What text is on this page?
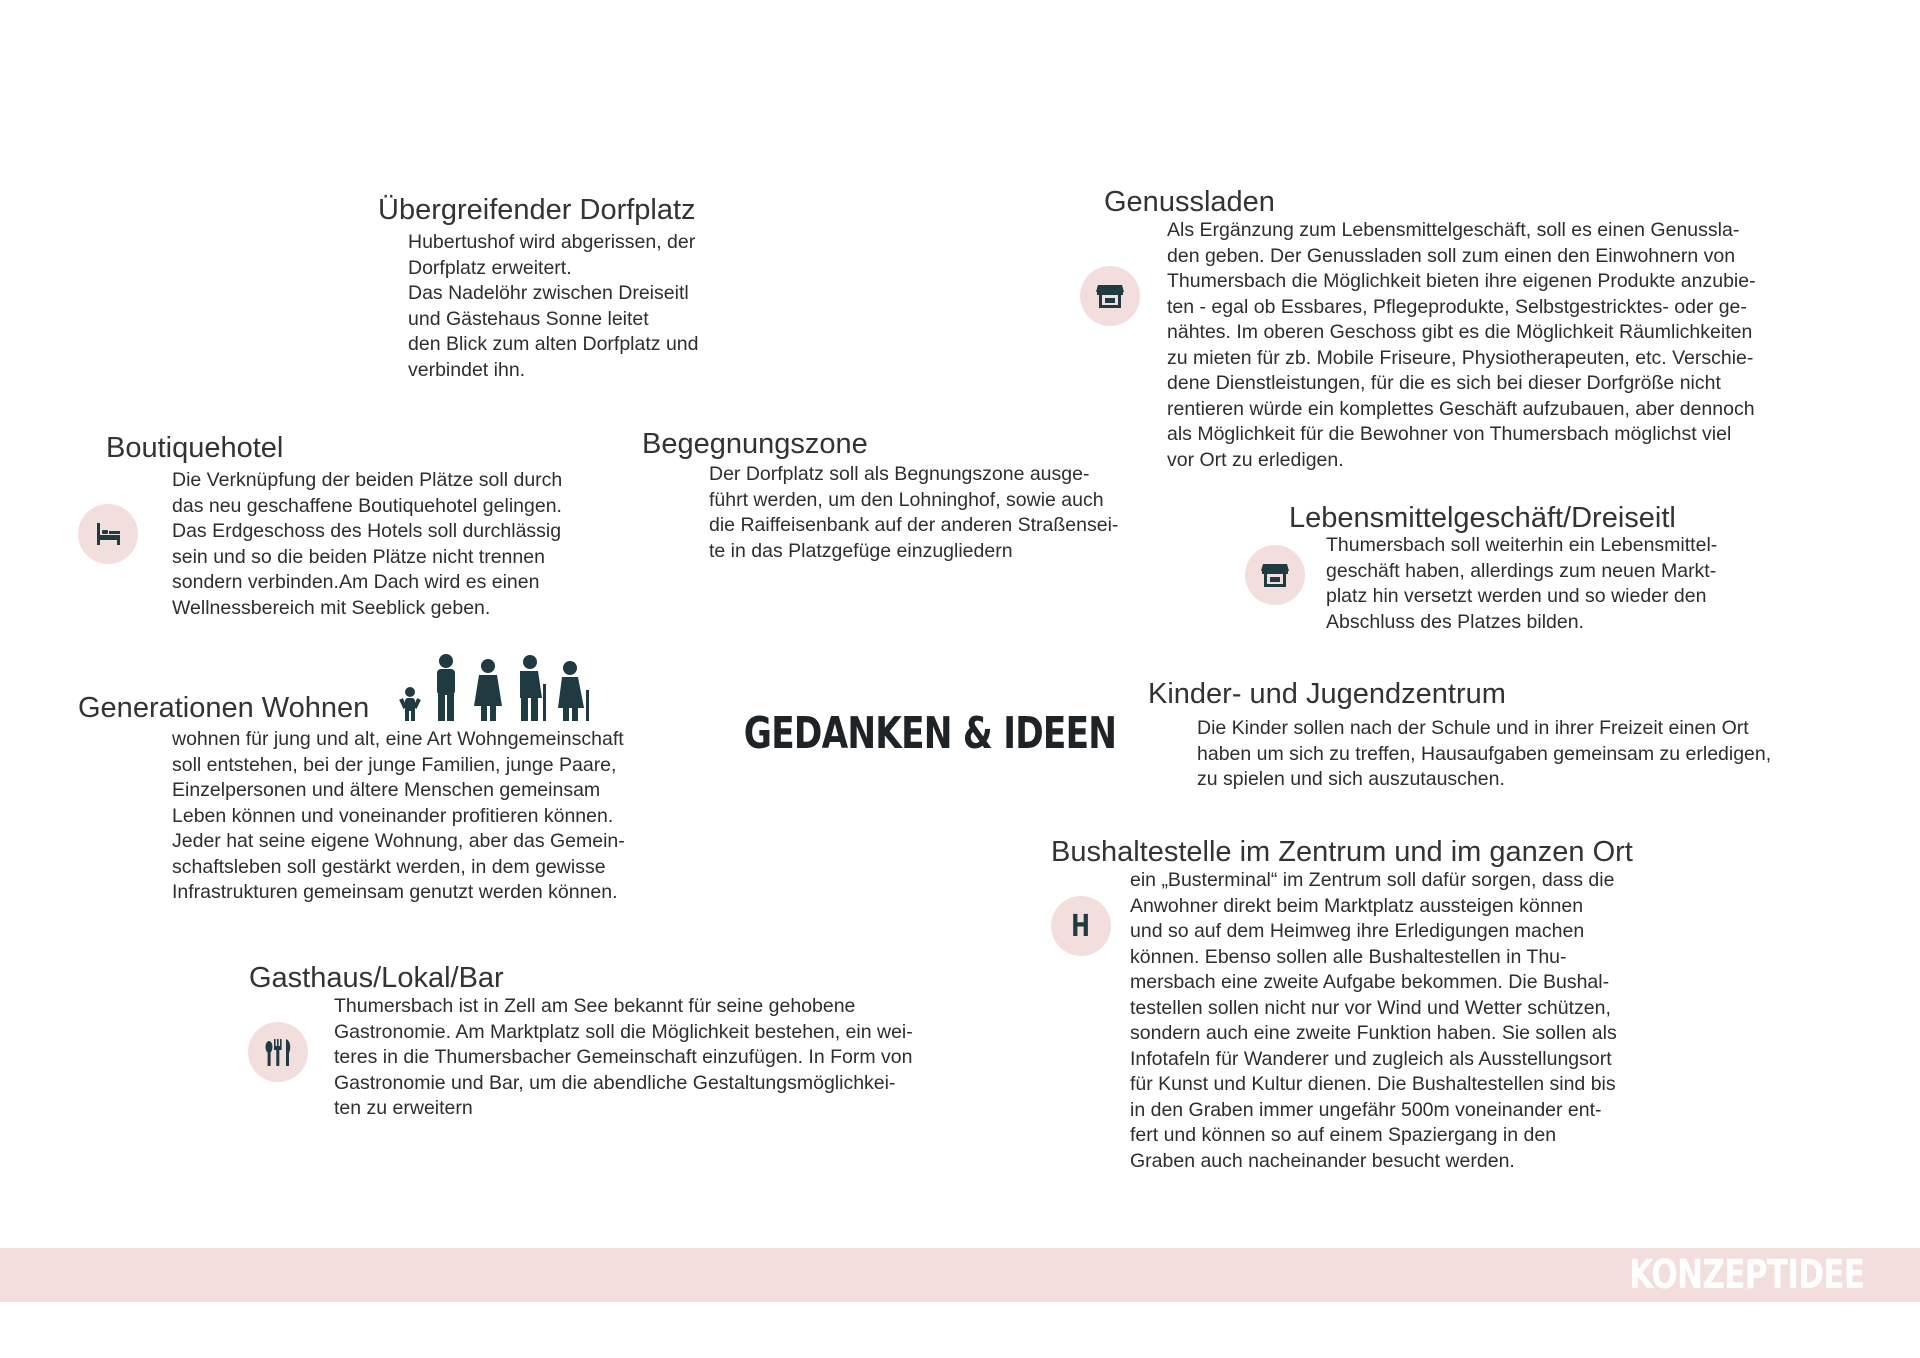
Übergreifender Dorfplatz

Hubertushof wird abgerissen, der
Dorfplatz erweitert.
Das Nadelöhr zwischen Dreiseitl
und Gästehaus Sonne leitet
den Blick zum alten Dorfplatz und
verbindet ihn.

Boutiquehotel

Die Verknüpfung der beiden Plätze soll durch
das neu geschaffene Boutiquehotel gelingen.
Das Erdgeschoss des Hotels soll durchlässig
sein und so die beiden Plätze nicht trennen
sondern verbinden.Am Dach wird es einen
Wellnessbereich mit Seeblick geben.

Begegnungszone

Der Dorfplatz soll als Begnungszone ausge-
führt werden, um den Lohninghof, sowie auch
die Raiffeisenbank auf der anderen Straßensei-
te in das Platzgefüge einzugliedern

Genussladen

Als Ergänzung zum Lebensmittelgeschäft, soll es einen Genussla-
den geben. Der Genussladen soll zum einen den Einwohnern von
Thumersbach die Möglichkeit bieten ihre eigenen Produkte anzubie-
ten - egal ob Essbares, Pflegeprodukte, Selbstgestricktes- oder ge-
nähtes. Im oberen Geschoss gibt es die Möglichkeit Räumlichkeiten
zu mieten für zb. Mobile Friseure, Physiotherapeuten, etc. Verschie-
dene Dienstleistungen, für die es sich bei dieser Dorfgröße nicht
rentieren würde ein komplettes Geschäft aufzubauen, aber dennoch
als Möglichkeit für die Bewohner von Thumersbach möglichst viel
vor Ort zu erledigen.

Lebensmittelgeschäft/Dreiseitl

Thumersbach soll weiterhin ein Lebensmittel-
geschäft haben, allerdings zum neuen Markt-
platz hin versetzt werden und so wieder den
Abschluss des Platzes bilden.

Generationen Wohnen

wohnen für jung und alt, eine Art Wohngemeinschaft
soll entstehen, bei der junge Familien, junge Paare,
Einzelpersonen und ältere Menschen gemeinsam
Leben können und voneinander profitieren können.
Jeder hat seine eigene Wohnung, aber das Gemein-
schaftsleben soll gestärkt werden, in dem gewisse
Infrastrukturen gemeinsam genutzt werden können.

GEDANKEN & IDEEN
Kinder- und Jugendzentrum

Die Kinder sollen nach der Schule und in ihrer Freizeit einen Ort
haben um sich zu treffen, Hausaufgaben gemeinsam zu erledigen,
zu spielen und sich auszutauschen.

Bushaltestelle im Zentrum und im ganzen Ort
H

ein „Busterminal“ im Zentrum soll dafür sorgen, dass die
Anwohner direkt beim Marktplatz aussteigen können
und so auf dem Heimweg ihre Erledigungen machen
können. Ebenso sollen alle Bushaltestellen in Thu-
mersbach eine zweite Aufgabe bekommen. Die Bushal-
testellen sollen nicht nur vor Wind und Wetter schützen,
sondern auch eine zweite Funktion haben. Sie sollen als
Infotafeln für Wanderer und zugleich als Ausstellungsort
für Kunst und Kultur dienen. Die Bushaltestellen sind bis
in den Graben immer ungefähr 500m voneinander ent-
fert und können so auf einem Spaziergang in den
Graben auch nacheinander besucht werden.

Gasthaus/Lokal/Bar

Thumersbach ist in Zell am See bekannt für seine gehobene
Gastronomie. Am Marktplatz soll die Möglichkeit bestehen, ein wei-
teres in die Thumersbacher Gemeinschaft einzufügen. In Form von
Gastronomie und Bar, um die abendliche Gestaltungsmöglichkei-
ten zu erweitern

KONZEPTIDEE
